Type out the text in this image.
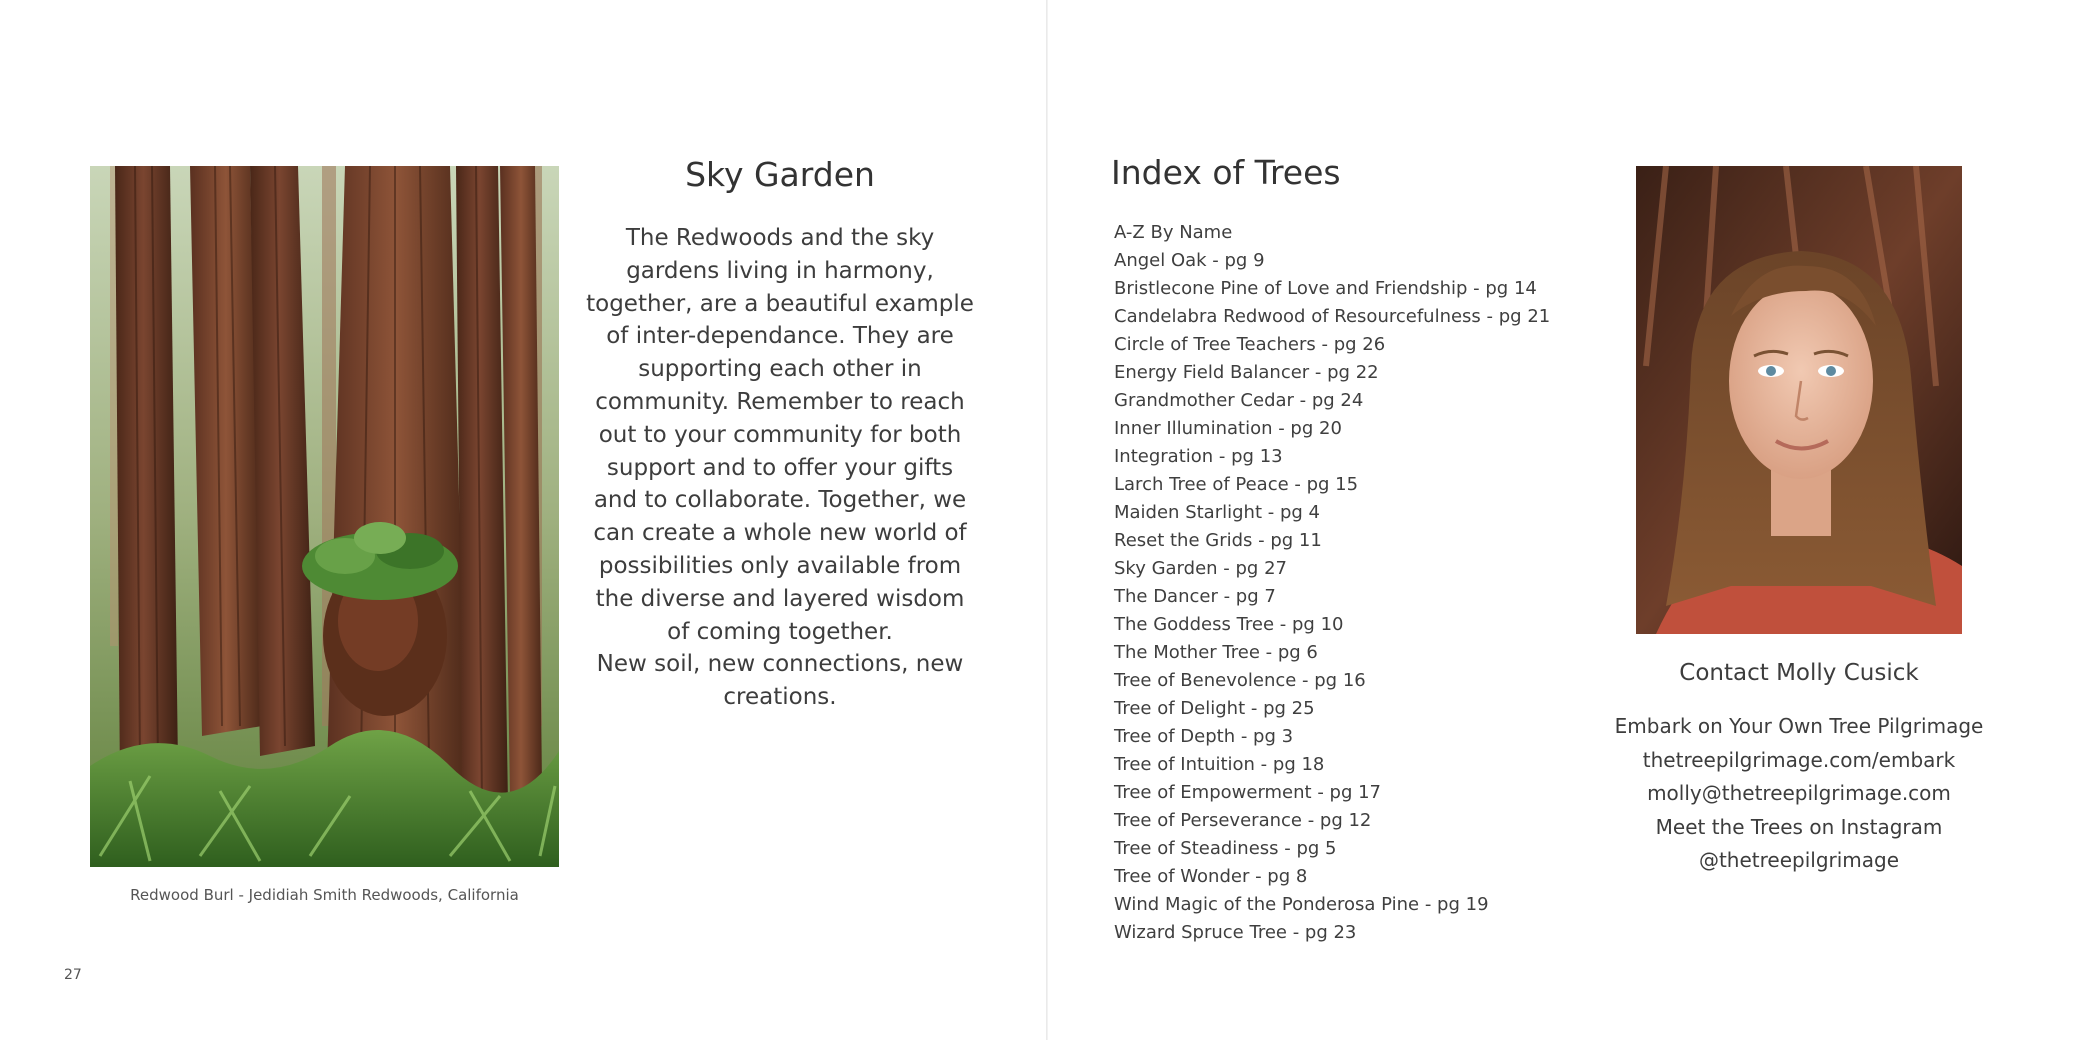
Redwood Burl - Jedidiah Smith Redwoods, California
Sky Garden

The Redwoods and the sky gardens living in harmony, together, are a beautiful example of inter-dependance. They are supporting each other in community. Remember to reach out to your community for both support and to offer your gifts and to collaborate. Together, we can create a whole new world of possibilities only available from the diverse and layered wisdom of coming together.

New soil, new connections, new creations.

27
Index of Trees
A-Z By Name
Angel Oak - pg 9
Bristlecone Pine of Love and Friendship - pg 14
Candelabra Redwood of Resourcefulness - pg 21
Circle of Tree Teachers - pg 26
Energy Field Balancer - pg 22
Grandmother Cedar - pg 24
Inner Illumination - pg 20
Integration - pg 13
Larch Tree of Peace - pg 15
Maiden Starlight - pg 4
Reset the Grids - pg 11
Sky Garden - pg 27
The Dancer - pg 7
The Goddess Tree - pg 10
The Mother Tree - pg 6
Tree of Benevolence - pg 16
Tree of Delight - pg 25
Tree of Depth - pg 3
Tree of Intuition - pg 18
Tree of Empowerment - pg 17
Tree of Perseverance - pg 12
Tree of Steadiness - pg 5
Tree of Wonder - pg 8
Wind Magic of the Ponderosa Pine - pg 19
Wizard Spruce Tree - pg 23
Contact Molly Cusick
Embark on Your Own Tree Pilgrimage
thetreepilgrimage.com/embark
molly@thetreepilgrimage.com
Meet the Trees on Instagram
@thetreepilgrimage
